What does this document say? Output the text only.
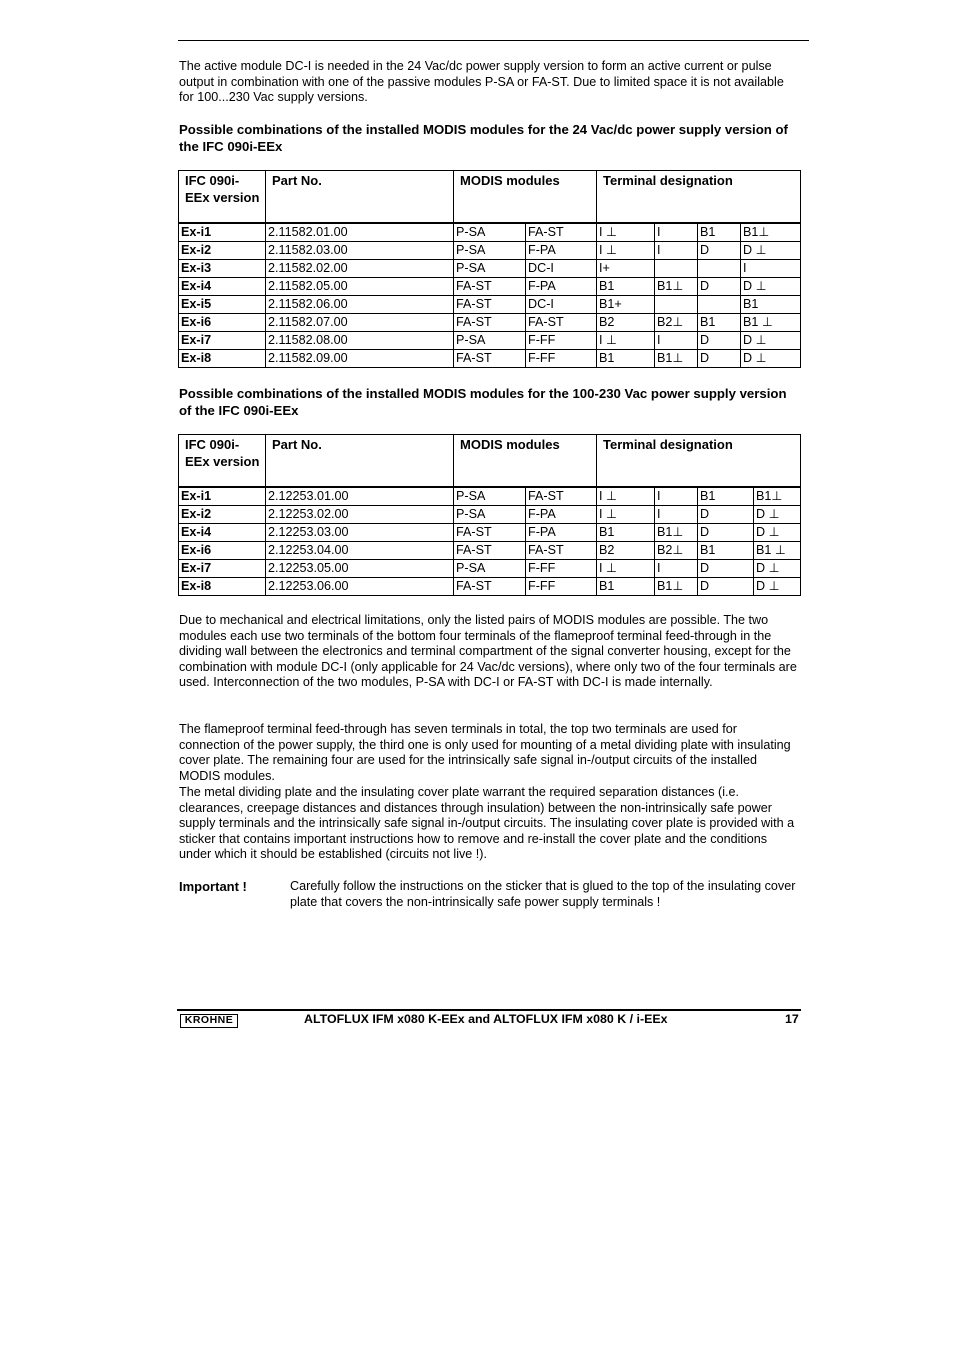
The active module DC-I is needed in the 24 Vac/dc power supply version to form an active current or pulse output in combination with one of the passive modules P-SA or FA-ST. Due to limited space it is not available for 100...230 Vac supply versions.

Possible combinations of the installed MODIS modules for the 24 Vac/dc power supply version of the IFC 090i-EEx

IFC 090i-EEx version	Part No.	MODIS modules		Terminal designation			
Ex-i1	2.11582.01.00	P-SA	FA-ST	I ⊥	I	B1	B1⊥
Ex-i2	2.11582.03.00	P-SA	F-PA	I ⊥	I	D	D ⊥
Ex-i3	2.11582.02.00	P-SA	DC-I	I+			I
Ex-i4	2.11582.05.00	FA-ST	F-PA	B1	B1⊥	D	D ⊥
Ex-i5	2.11582.06.00	FA-ST	DC-I	B1+			B1
Ex-i6	2.11582.07.00	FA-ST	FA-ST	B2	B2⊥	B1	B1 ⊥
Ex-i7	2.11582.08.00	P-SA	F-FF	I ⊥	I	D	D ⊥
Ex-i8	2.11582.09.00	FA-ST	F-FF	B1	B1⊥	D	D ⊥

Possible combinations of the installed MODIS modules for the 100-230 Vac power supply version of the IFC 090i-EEx

IFC 090i-EEx version	Part No.	MODIS modules		Terminal designation			
Ex-i1	2.12253.01.00	P-SA	FA-ST	I ⊥	I	B1	B1⊥
Ex-i2	2.12253.02.00	P-SA	F-PA	I ⊥	I	D	D ⊥
Ex-i4	2.12253.03.00	FA-ST	F-PA	B1	B1⊥	D	D ⊥
Ex-i6	2.12253.04.00	FA-ST	FA-ST	B2	B2⊥	B1	B1 ⊥
Ex-i7	2.12253.05.00	P-SA	F-FF	I ⊥	I	D	D ⊥
Ex-i8	2.12253.06.00	FA-ST	F-FF	B1	B1⊥	D	D ⊥

Due to mechanical and electrical limitations, only the listed pairs of MODIS modules are possible. The two modules each use two terminals of the bottom four terminals of the flameproof terminal feed-through in the dividing wall between the electronics and terminal compartment of the signal converter housing, except for the combination with module DC-I (only applicable for 24 Vac/dc versions), where only two of the four terminals are used. Interconnection of the two modules, P-SA with DC-I or FA-ST with DC-I is made internally.

The flameproof terminal feed-through has seven terminals in total, the top two terminals are used for connection of the power supply, the third one is only used for mounting of a metal dividing plate with insulating cover plate. The remaining four are used for the intrinsically safe signal in-/output circuits of the installed MODIS modules.

The metal dividing plate and the insulating cover plate warrant the required separation distances (i.e. clearances, creepage distances and distances through insulation) between the non-intrinsically safe power supply terminals and the intrinsically safe signal in-/output circuits. The insulating cover plate is provided with a sticker that contains important instructions how to remove and re-install the cover plate and the conditions under which it should be established (circuits not live !).

Important !	Carefully follow the instructions on the sticker that is glued to the top of the insulating cover plate that covers the non-intrinsically safe power supply terminals !

KROHNE	ALTOFLUX IFM x080 K-EEx and ALTOFLUX IFM x080 K / i-EEx	17
